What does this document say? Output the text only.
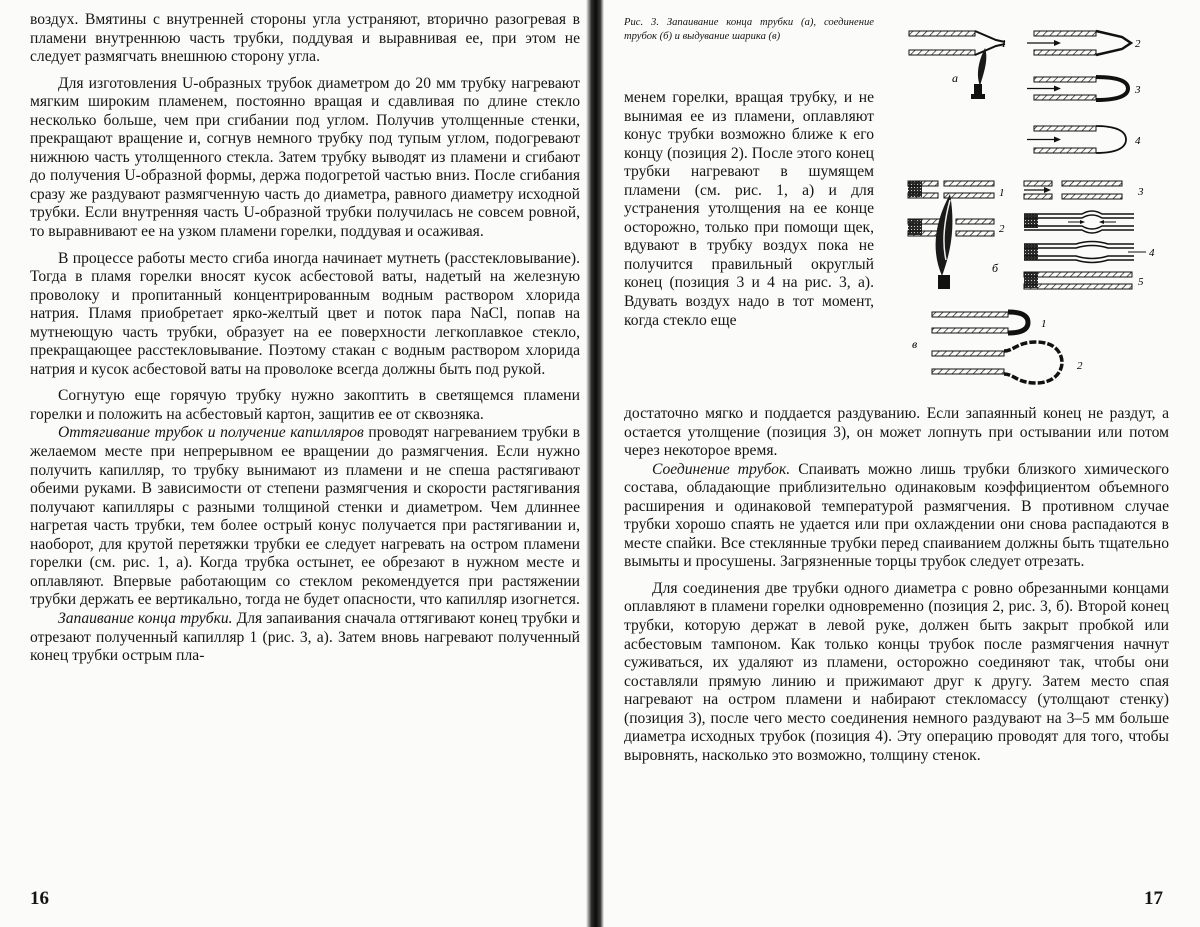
воздух. Вмятины с внутренней стороны угла устраняют, вторично разогревая в пламени внутреннюю часть трубки, поддувая и выравнивая ее, при этом не следует размягчать внешнюю сторону угла.

Для изготовления U-образных трубок диаметром до 20 мм трубку нагревают мягким широким пламенем, постоянно вращая и сдавливая по длине стекло несколько больше, чем при сгибании под углом. Получив утолщенные стенки, прекращают вращение и, согнув немного трубку под тупым углом, подогревают нижнюю часть утолщенного стекла. Затем трубку выводят из пламени и сгибают до получения U-образной формы, держа подогретой частью вниз. После сгибания сразу же раздувают размягченную часть до диаметра, равного диаметру исходной трубки. Если внутренняя часть U-образной трубки получилась не совсем ровной, то выравнивают ее на узком пламени горелки, поддувая и осаживая.

В процессе работы место сгиба иногда начинает мутнеть (расстекловывание). Тогда в пламя горелки вносят кусок асбестовой ваты, надетый на железную проволоку и пропитанный концентрированным водным раствором хлорида натрия. Пламя приобретает ярко-желтый цвет и поток пара NaCl, попав на мутнеющую часть трубки, образует на ее поверхности легкоплавкое стекло, прекращающее расстекловывание. Поэтому стакан с водным раствором хлорида натрия и кусок асбестовой ваты на проволоке всегда должны быть под рукой.

Согнутую еще горячую трубку нужно закоптить в светящемся пламени горелки и положить на асбестовый картон, защитив ее от сквозняка.

Оттягивание трубок и получение капилляров проводят нагреванием трубки в желаемом месте при непрерывном ее вращении до размягчения. Если нужно получить капилляр, то трубку вынимают из пламени и не спеша растягивают обеими руками. В зависимости от степени размягчения и скорости растягивания получают капилляры с разными толщиной стенки и диаметром. Чем длиннее нагретая часть трубки, тем более острый конус получается при растягивании и, наоборот, для крутой перетяжки трубки ее следует нагревать на остром пламени горелки (см. рис. 1, а). Когда трубка остынет, ее обрезают в нужном месте и оплавляют. Впервые работающим со стеклом рекомендуется при растяжении трубки держать ее вертикально, тогда не будет опасности, что капилляр изогнется.

Запаивание конца трубки. Для запаивания сначала оттягивают конец трубки и отрезают полученный капилляр 1 (рис. 3, а). Затем вновь нагревают полученный конец трубки острым пла-

16
Рис. 3. Запаивание конца трубки (а), соединение трубок (б) и выдувание шарика (в)
1	2
3
4
а
1
2
3
4
5
б
1
2
в

менем горелки, вращая трубку, и не вынимая ее из пламени, оплавляют конус трубки возможно ближе к его концу (позиция 2). После этого конец трубки нагревают в шумящем пламени (см. рис. 1, а) и для устранения утолщения на ее конце осторожно, только при помощи щек, вдувают в трубку воздух пока не получится правильный округлый конец (позиция 3 и 4 на рис. 3, а). Вдувать воздух надо в тот момент, когда стекло еще

достаточно мягко и поддается раздуванию. Если запаянный конец не раздут, а остается утолщение (позиция 3), он может лопнуть при остывании или потом через некоторое время.

Соединение трубок. Спаивать можно лишь трубки близкого химического состава, обладающие приблизительно одинаковым коэффициентом объемного расширения и одинаковой температурой размягчения. В противном случае трубки хорошо спаять не удается или при охлаждении они снова распадаются в месте спайки. Все стеклянные трубки перед спаиванием должны быть тщательно вымыты и просушены. Загрязненные торцы трубок следует отрезать.

Для соединения две трубки одного диаметра с ровно обрезанными концами оплавляют в пламени горелки одновременно (позиция 2, рис. 3, б). Второй конец трубки, которую держат в левой руке, должен быть закрыт пробкой или асбестовым тампоном. Как только концы трубок после размягчения начнут суживаться, их удаляют из пламени, осторожно соединяют так, чтобы они составляли прямую линию и прижимают друг к другу. Затем место спая нагревают на остром пламени и набирают стекломассу (утолщают стенку) (позиция 3), после чего место соединения немного раздувают на 3–5 мм больше диаметра исходных трубок (позиция 4). Эту операцию проводят для того, чтобы выровнять, насколько это возможно, толщину стенок.

17
